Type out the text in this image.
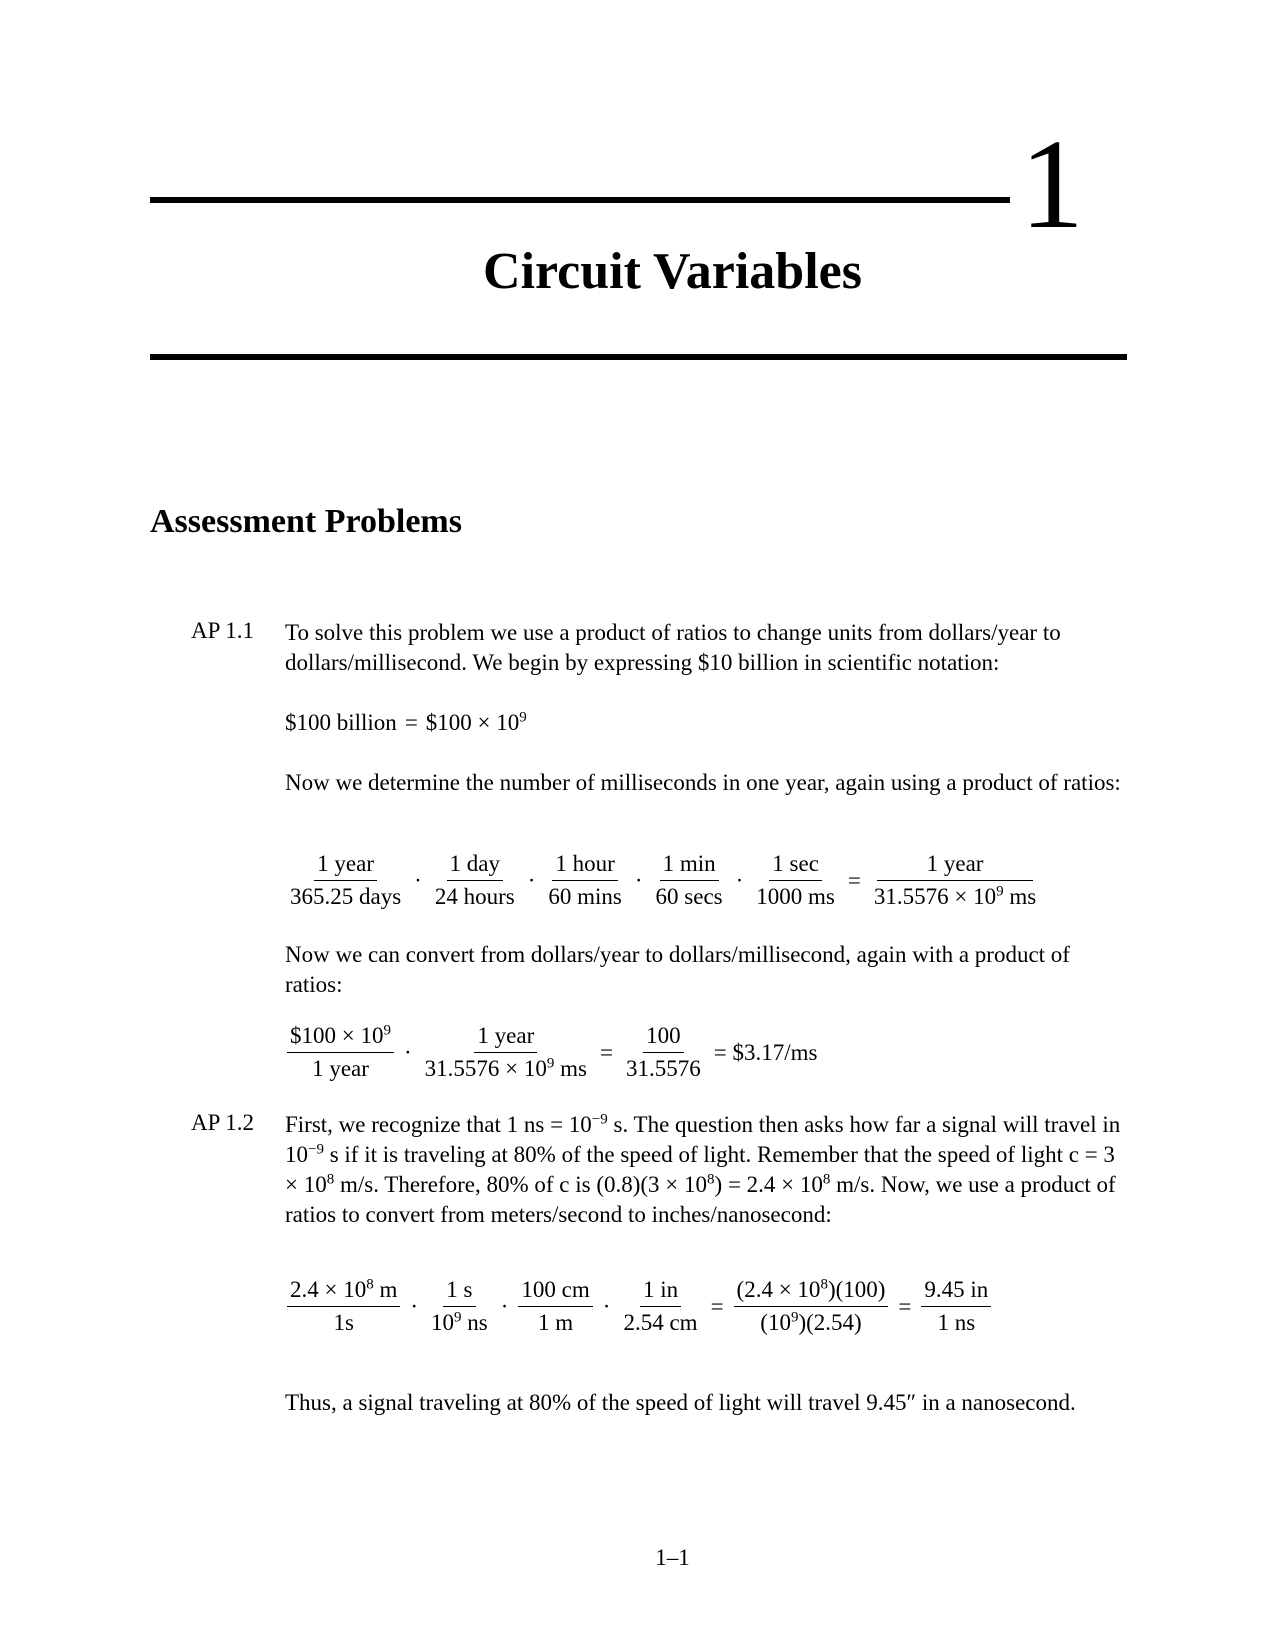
1
Circuit Variables
Assessment Problems
AP 1.1 To solve this problem we use a product of ratios to change units from dollars/year to dollars/millisecond. We begin by expressing $10 billion in scientific notation:

$100 billion = $100 × $10^9$

Now we determine the number of milliseconds in one year, again using a product of ratios:

$\frac{\text{1 year}}{\text{365.25 days}} \cdot \frac{\text{1 day}}{\text{24 hours}} \cdot \frac{\text{1 hour}}{60 \min s} \cdot \frac{1 \min}{60 \sec s} \cdot \frac{1 \sec}{1000 ms} = \frac{\text{1 year}}{31.5576 \times 10^9 ms}$

Now we can convert from dollars/year to dollars/millisecond, again with a product of ratios:

$\frac{\$100 \times 10^9}{\text{1 year}} \cdot \frac{\text{1 year}}{31.5576 \times 10^9 ms} = \frac{100}{31.5576}$ = $3.17/ms
AP 1.2 First, we recognize that 1 ns = $10^{-9}$ s. The question then asks how far a signal will travel in $10^{-9}$ s if it is traveling at 80% of the speed of light. Remember that the speed of light $c = 3 \times 10^8$ m/s. Therefore, 80% of c is $(0.8)(3 \times 10^8) = 2.4 \times 10^8$ m/s. Now, we use a product of ratios to convert from meters/second to inches/nanosecond:

$\frac{2.4 \times 10^8 m}{1s} \cdot \frac{1 s}{10^9 ns} \cdot \frac{100 cm}{1 m} \cdot \frac{1 in}{2.54 cm} = \frac{(2.4 \times 10^8)(100)}{(10^9)(2.54)} = \frac{9.45 in}{1 ns}$

Thus, a signal traveling at 80% of the speed of light will travel 9.45″ in a nanosecond.

1–1
